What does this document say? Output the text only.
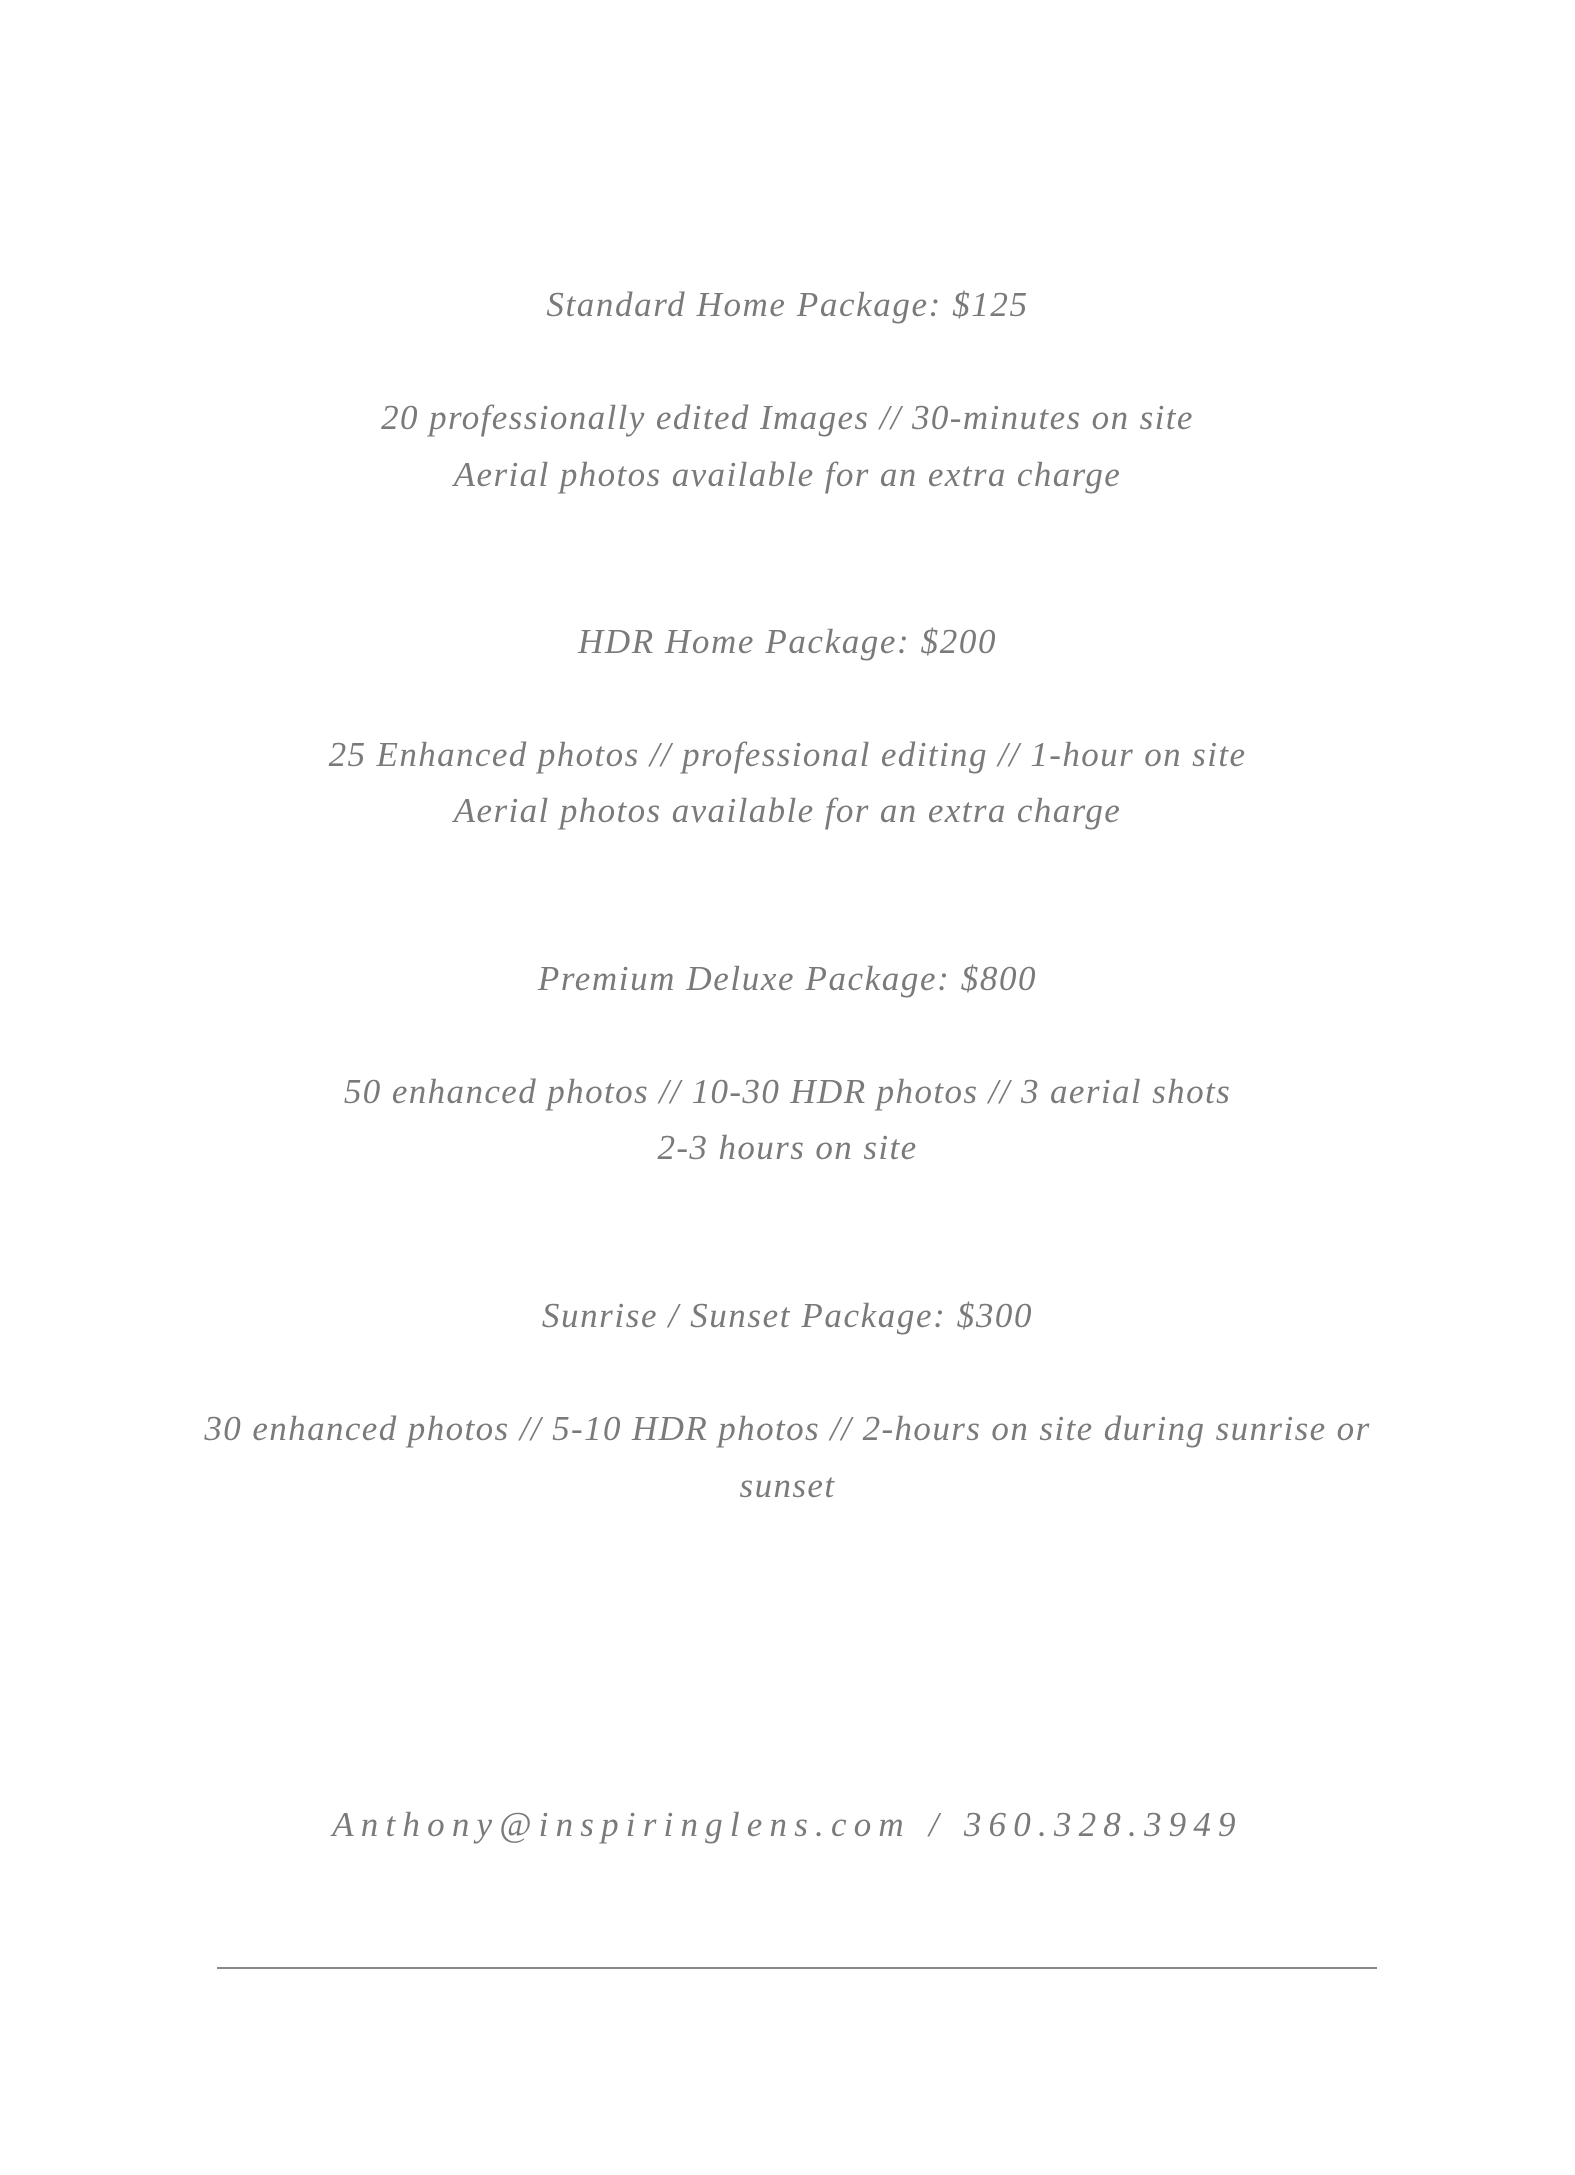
Standard Home Package: $125
20 professionally edited Images // 30-minutes on site
Aerial photos available for an extra charge
HDR Home Package: $200
25 Enhanced photos // professional editing // 1-hour on site
Aerial photos available for an extra charge
Premium Deluxe Package: $800
50 enhanced photos // 10-30 HDR photos // 3 aerial shots
2-3 hours on site
Sunrise / Sunset Package: $300
30 enhanced photos // 5-10 HDR photos // 2-hours on site during sunrise or
sunset
Anthony@inspiringlens.com / 360.328.3949
